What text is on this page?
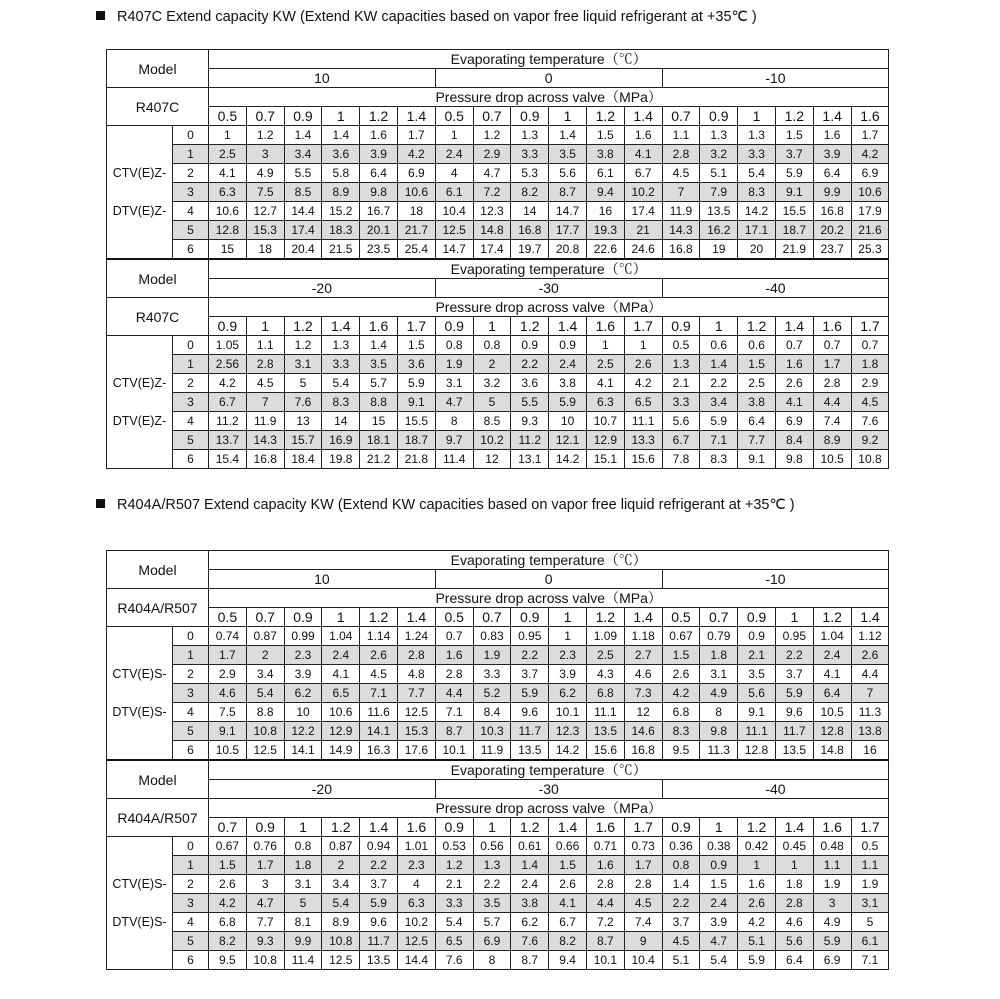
R407C Extend capacity KW (Extend KW capacities based on vapor free liquid refrigerant at +35℃ )
Model		Evaporating temperature（℃）																	
		10						0						-10					
R407C		Pressure drop across valve（MPa）																	
		0.5	0.7	0.9	1	1.2	1.4	0.5	0.7	0.9	1	1.2	1.4	0.7	0.9	1	1.2	1.4	1.6

CTV(E)Z-
DTV(E)Z-	0	1	1.2	1.4	1.4	1.6	1.7	1	1.2	1.3	1.4	1.5	1.6	1.1	1.3	1.3	1.5	1.6	1.7
	1	2.5	3	3.4	3.6	3.9	4.2	2.4	2.9	3.3	3.5	3.8	4.1	2.8	3.2	3.3	3.7	3.9	4.2
	2	4.1	4.9	5.5	5.8	6.4	6.9	4	4.7	5.3	5.6	6.1	6.7	4.5	5.1	5.4	5.9	6.4	6.9
	3	6.3	7.5	8.5	8.9	9.8	10.6	6.1	7.2	8.2	8.7	9.4	10.2	7	7.9	8.3	9.1	9.9	10.6
	4	10.6	12.7	14.4	15.2	16.7	18	10.4	12.3	14	14.7	16	17.4	11.9	13.5	14.2	15.5	16.8	17.9
	5	12.8	15.3	17.4	18.3	20.1	21.7	12.5	14.8	16.8	17.7	19.3	21	14.3	16.2	17.1	18.7	20.2	21.6
	6	15	18	20.4	21.5	23.5	25.4	14.7	17.4	19.7	20.8	22.6	24.6	16.8	19	20	21.9	23.7	25.3
Model		Evaporating temperature（℃）																	
		-20						-30						-40					
R407C		Pressure drop across valve（MPa）																	
		0.9	1	1.2	1.4	1.6	1.7	0.9	1	1.2	1.4	1.6	1.7	0.9	1	1.2	1.4	1.6	1.7

CTV(E)Z-
DTV(E)Z-	0	1.05	1.1	1.2	1.3	1.4	1.5	0.8	0.8	0.9	0.9	1	1	0.5	0.6	0.6	0.7	0.7	0.7
	1	2.56	2.8	3.1	3.3	3.5	3.6	1.9	2	2.2	2.4	2.5	2.6	1.3	1.4	1.5	1.6	1.7	1.8
	2	4.2	4.5	5	5.4	5.7	5.9	3.1	3.2	3.6	3.8	4.1	4.2	2.1	2.2	2.5	2.6	2.8	2.9
	3	6.7	7	7.6	8.3	8.8	9.1	4.7	5	5.5	5.9	6.3	6.5	3.3	3.4	3.8	4.1	4.4	4.5
	4	11.2	11.9	13	14	15	15.5	8	8.5	9.3	10	10.7	11.1	5.6	5.9	6.4	6.9	7.4	7.6
	5	13.7	14.3	15.7	16.9	18.1	18.7	9.7	10.2	11.2	12.1	12.9	13.3	6.7	7.1	7.7	8.4	8.9	9.2
	6	15.4	16.8	18.4	19.8	21.2	21.8	11.4	12	13.1	14.2	15.1	15.6	7.8	8.3	9.1	9.8	10.5	10.8
R404A/R507 Extend capacity KW (Extend KW capacities based on vapor free liquid refrigerant at +35℃ )
Model		Evaporating temperature（℃）																	
		10						0						-10					
R404A/R507		Pressure drop across valve（MPa）																	
		0.5	0.7	0.9	1	1.2	1.4	0.5	0.7	0.9	1	1.2	1.4	0.5	0.7	0.9	1	1.2	1.4

CTV(E)S-
DTV(E)S-	0	0.74	0.87	0.99	1.04	1.14	1.24	0.7	0.83	0.95	1	1.09	1.18	0.67	0.79	0.9	0.95	1.04	1.12
	1	1.7	2	2.3	2.4	2.6	2.8	1.6	1.9	2.2	2.3	2.5	2.7	1.5	1.8	2.1	2.2	2.4	2.6
	2	2.9	3.4	3.9	4.1	4.5	4.8	2.8	3.3	3.7	3.9	4.3	4.6	2.6	3.1	3.5	3.7	4.1	4.4
	3	4.6	5.4	6.2	6.5	7.1	7.7	4.4	5.2	5.9	6.2	6.8	7.3	4.2	4.9	5.6	5.9	6.4	7
	4	7.5	8.8	10	10.6	11.6	12.5	7.1	8.4	9.6	10.1	11.1	12	6.8	8	9.1	9.6	10.5	11.3
	5	9.1	10.8	12.2	12.9	14.1	15.3	8.7	10.3	11.7	12.3	13.5	14.6	8.3	9.8	11.1	11.7	12.8	13.8
	6	10.5	12.5	14.1	14.9	16.3	17.6	10.1	11.9	13.5	14.2	15.6	16.8	9.5	11.3	12.8	13.5	14.8	16
Model		Evaporating temperature（℃）																	
		-20						-30						-40					
R404A/R507		Pressure drop across valve（MPa）																	
		0.7	0.9	1	1.2	1.4	1.6	0.9	1	1.2	1.4	1.6	1.7	0.9	1	1.2	1.4	1.6	1.7

CTV(E)S-
DTV(E)S-	0	0.67	0.76	0.8	0.87	0.94	1.01	0.53	0.56	0.61	0.66	0.71	0.73	0.36	0.38	0.42	0.45	0.48	0.5
	1	1.5	1.7	1.8	2	2.2	2.3	1.2	1.3	1.4	1.5	1.6	1.7	0.8	0.9	1	1	1.1	1.1
	2	2.6	3	3.1	3.4	3.7	4	2.1	2.2	2.4	2.6	2.8	2.8	1.4	1.5	1.6	1.8	1.9	1.9
	3	4.2	4.7	5	5.4	5.9	6.3	3.3	3.5	3.8	4.1	4.4	4.5	2.2	2.4	2.6	2.8	3	3.1
	4	6.8	7.7	8.1	8.9	9.6	10.2	5.4	5.7	6.2	6.7	7.2	7.4	3.7	3.9	4.2	4.6	4.9	5
	5	8.2	9.3	9.9	10.8	11.7	12.5	6.5	6.9	7.6	8.2	8.7	9	4.5	4.7	5.1	5.6	5.9	6.1
	6	9.5	10.8	11.4	12.5	13.5	14.4	7.6	8	8.7	9.4	10.1	10.4	5.1	5.4	5.9	6.4	6.9	7.1
